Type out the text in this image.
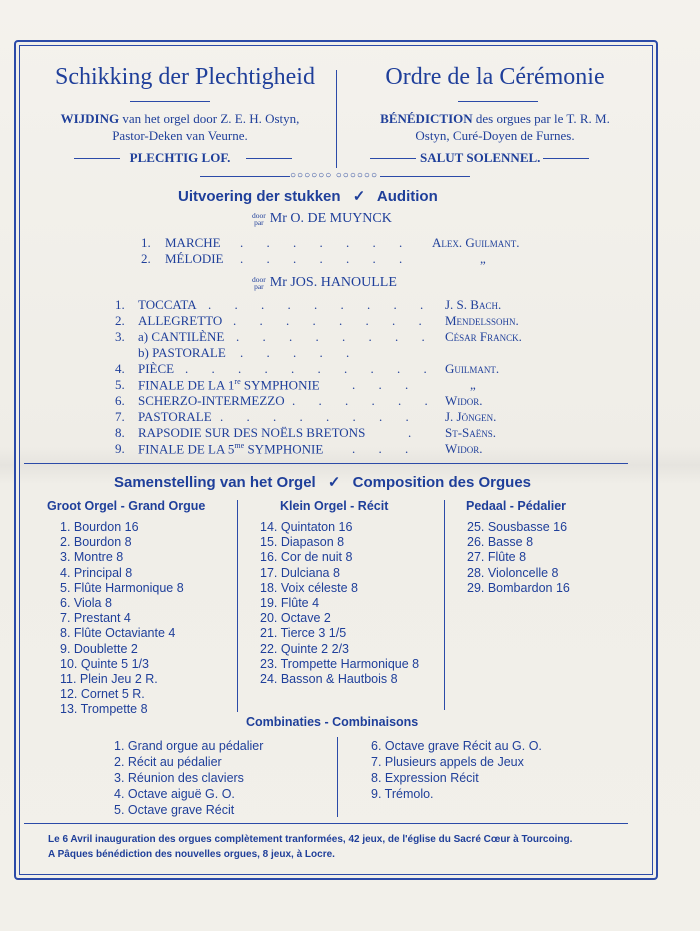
Schikking der Plechtigheid	Ordre de la Cérémonie
WIJDING van het orgel door Z. E. H. Ostyn,
Pastor-Deken van Veurne.
BÉNÉDICTION des orgues par le T. R. M.
Ostyn, Curé-Doyen de Furnes.
PLECHTIG LOF.	SALUT SOLENNEL.
○○○○○○ ○○○○○○
Uitvoering der stukken ✓ Audition
door
par Mr O. DE MUYNCK
1. MARCHE . . . . . . . Alex. Guilmant.
2. MÉLODIE . . . . . . .	„
door
par Mr JOS. HANOULLE
1. TOCCATA . . . . . . . . . J. S. Bach.
2. ALLEGRETTO . . . . . . . . Mendelssohn.
3. a) CANTILÈNE . . . . . . . . César Franck.
b) PASTORALE . . . . .
4. PIÈCE . . . . . . . . . . Guilmant.
5. FINALE DE LA 1re SYMPHONIE . . .	„
6. SCHERZO-INTERMEZZO . . . . . . Widor.
7. PASTORALE . . . . . . . . J. Jöngen.
8. RAPSODIE SUR DES NOËLS BRETONS	. St-Saëns.
9. FINALE DE LA $5^{me}$ SYMPHONIE . . . Widor.
Samenstelling van het Orgel ✓ Composition des Orgues
Groot Orgel - Grand Orgue	Klein Orgel - Récit	Pedaal - Pédalier
1. Bourdon 16
2. Bourdon 8
3. Montre 8
4. Principal 8
5. Flûte Harmonique 8
6. Viola 8
7. Prestant 4
8. Flûte Octaviante 4
9. Doublette 2
10. Quinte 5 1/3
11. Plein Jeu 2 R.
12. Cornet 5 R.
13. Trompette 8
14. Quintaton 16
15. Diapason 8
16. Cor de nuit 8
17. Dulciana 8
18. Voix céleste 8
19. Flûte 4
20. Octave 2
21. Tierce 3 1/5
22. Quinte 2 2/3
23. Trompette Harmonique 8
24. Basson & Hautbois 8
25. Sousbasse 16
26. Basse 8
27. Flûte 8
28. Violoncelle 8
29. Bombardon 16
Combinaties - Combinaisons
1. Grand orgue au pédalier
2. Récit au pédalier
3. Réunion des claviers
4. Octave aiguë G. O.
5. Octave grave Récit
6. Octave grave Récit au G. O.
7. Plusieurs appels de Jeux
8. Expression Récit
9. Trémolo.
Le 6 Avril inauguration des orgues complètement tranformées, 42 jeux, de l'église du Sacré Cœur à Tourcoing.
A Pâques bénédiction des nouvelles orgues, 8 jeux, à Locre.
